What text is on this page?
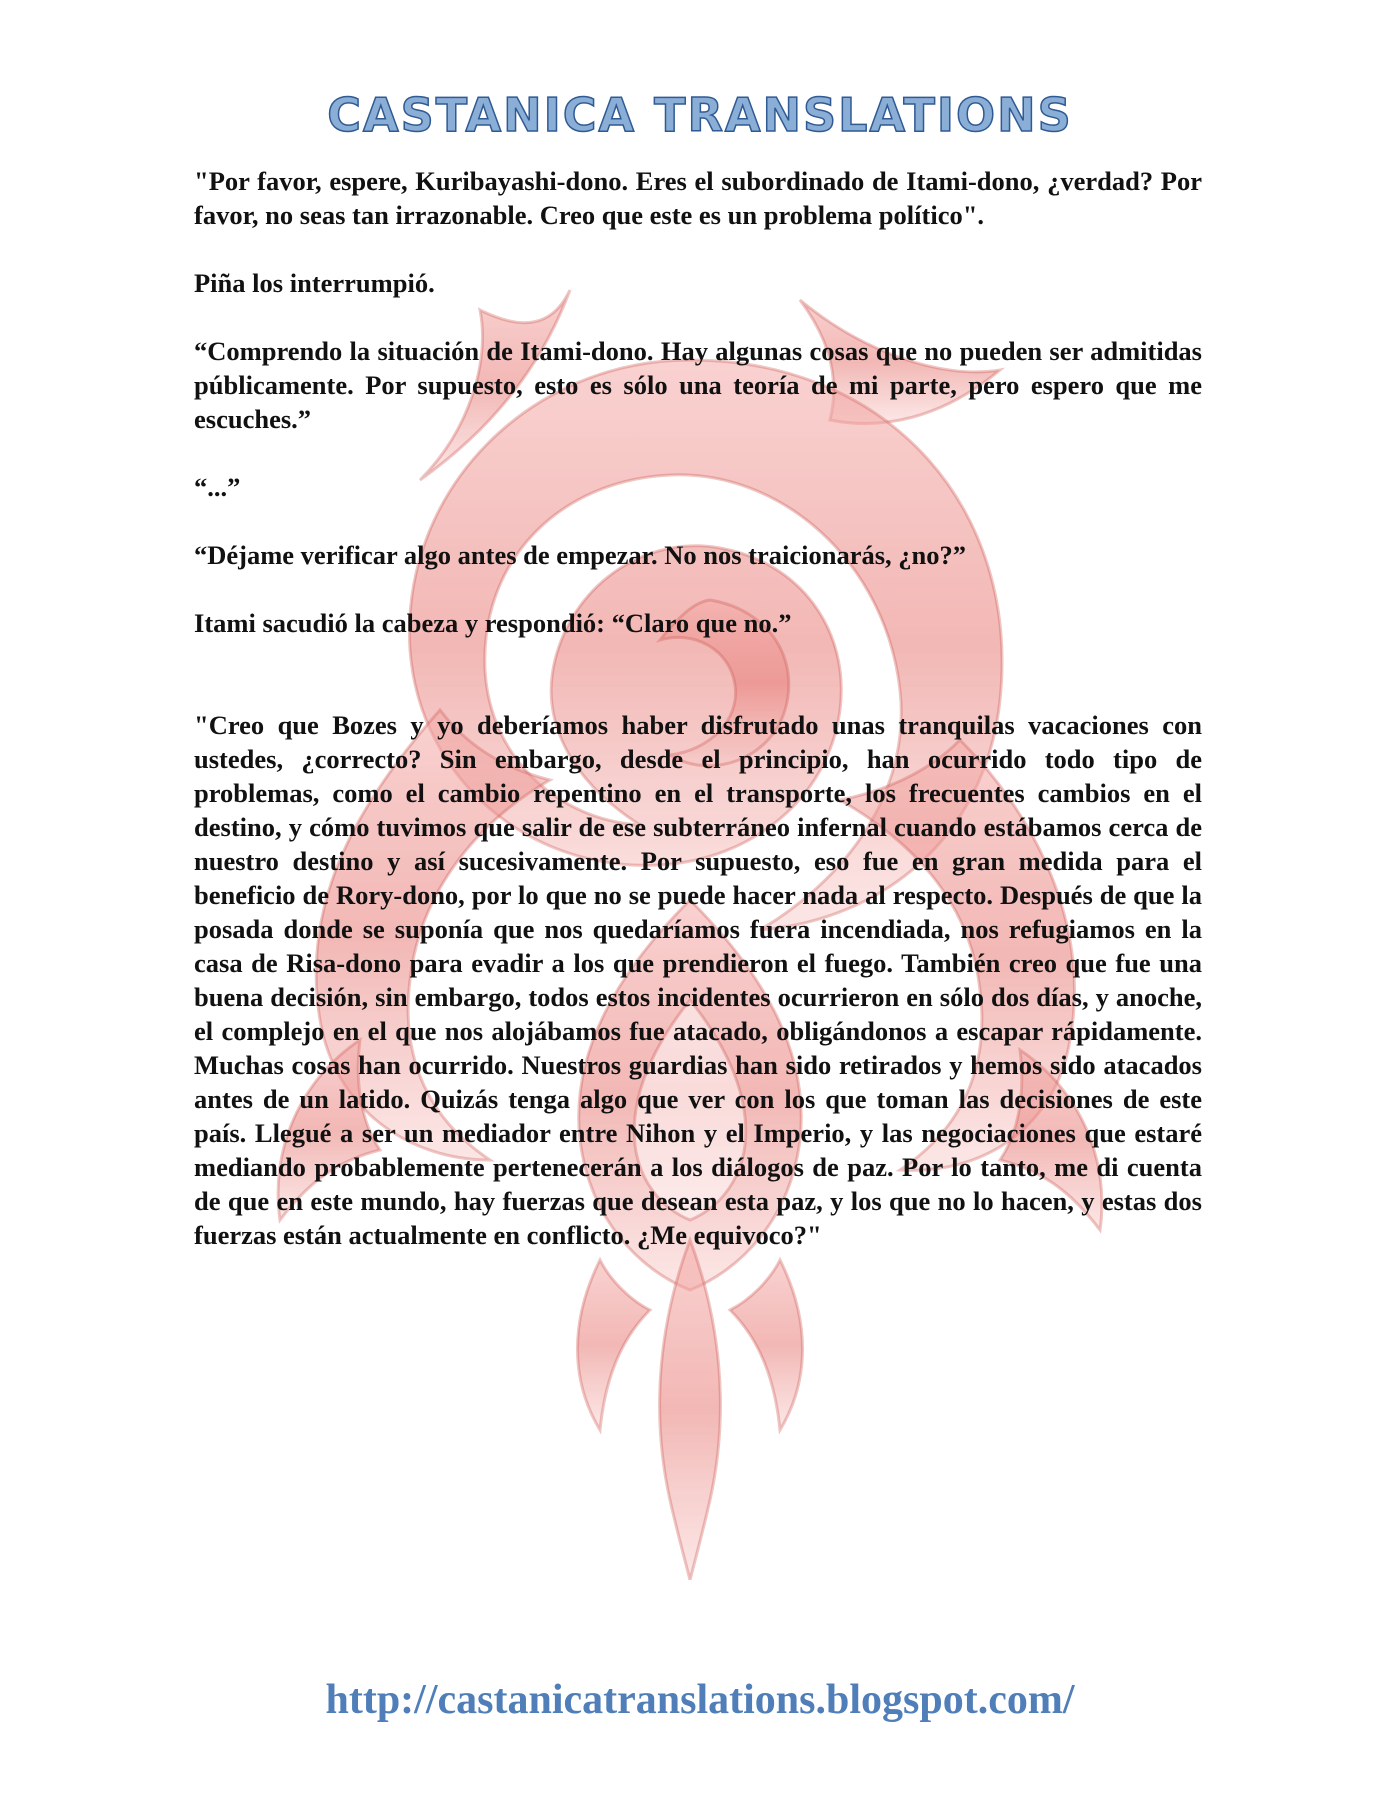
CASTANICA TRANSLATIONS

"Por favor, espere, Kuribayashi-dono. Eres el subordinado de Itami-dono, ¿verdad? Por favor, no seas tan irrazonable. Creo que este es un problema político".

Piña los interrumpió.

“Comprendo la situación de Itami-dono. Hay algunas cosas que no pueden ser admitidas públicamente. Por supuesto, esto es sólo una teoría de mi parte, pero espero que me escuches.”

“...”

“Déjame verificar algo antes de empezar. No nos traicionarás, ¿no?”

Itami sacudió la cabeza y respondió: “Claro que no.”

"Creo que Bozes y yo deberíamos haber disfrutado unas tranquilas vacaciones con ustedes, ¿correcto? Sin embargo, desde el principio, han ocurrido todo tipo de problemas, como el cambio repentino en el transporte, los frecuentes cambios en el destino, y cómo tuvimos que salir de ese subterráneo infernal cuando estábamos cerca de nuestro destino y así sucesivamente. Por supuesto, eso fue en gran medida para el beneficio de Rory-dono, por lo que no se puede hacer nada al respecto. Después de que la posada donde se suponía que nos quedaríamos fuera incendiada, nos refugiamos en la casa de Risa-dono para evadir a los que prendieron el fuego. También creo que fue una buena decisión, sin embargo, todos estos incidentes ocurrieron en sólo dos días, y anoche, el complejo en el que nos alojábamos fue atacado, obligándonos a escapar rápidamente. Muchas cosas han ocurrido. Nuestros guardias han sido retirados y hemos sido atacados antes de un latido. Quizás tenga algo que ver con los que toman las decisiones de este país. Llegué a ser un mediador entre Nihon y el Imperio, y las negociaciones que estaré mediando probablemente pertenecerán a los diálogos de paz. Por lo tanto, me di cuenta de que en este mundo, hay fuerzas que desean esta paz, y los que no lo hacen, y estas dos fuerzas están actualmente en conflicto. ¿Me equivoco?"

http://castanicatranslations.blogspot.com/
